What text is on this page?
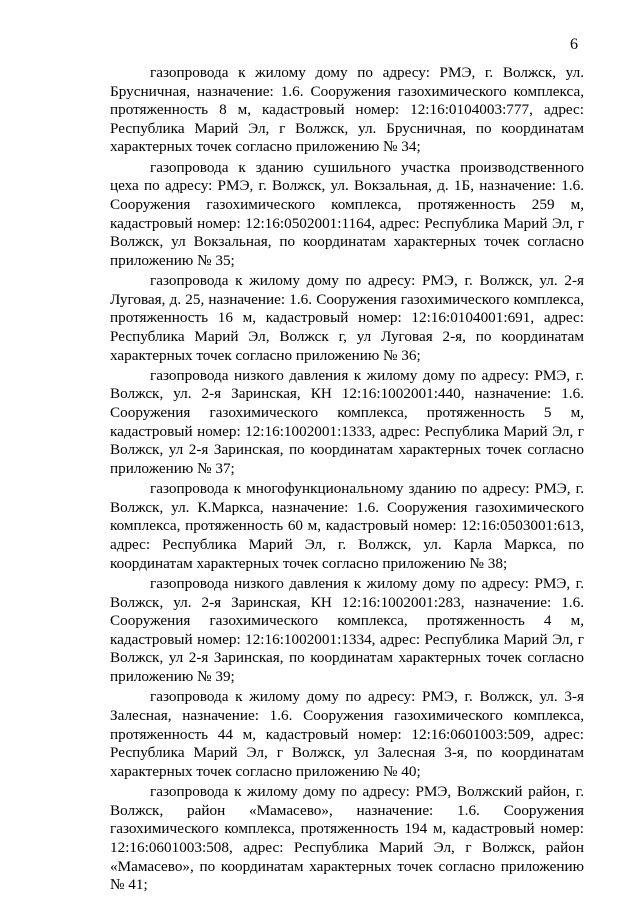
6

газопровода к жилому дому по адресу: РМЭ, г. Волжск, ул. Брусничная, назначение: 1.6. Сооружения газохимического комплекса, протяженность 8 м, кадастровый номер: 12:16:0104003:777, адрес: Республика Марий Эл, г Волжск, ул. Брусничная, по координатам характерных точек согласно приложению № 34;

газопровода к зданию сушильного участка производственного цеха по адресу: РМЭ, г. Волжск, ул. Вокзальная, д. 1Б, назначение: 1.6. Сооружения газохимического комплекса, протяженность 259 м, кадастровый номер: 12:16:0502001:1164, адрес: Республика Марий Эл, г Волжск, ул Вокзальная, по координатам характерных точек согласно приложению № 35;

газопровода к жилому дому по адресу: РМЭ, г. Волжск, ул. 2-я Луговая, д. 25, назначение: 1.6. Сооружения газохимического комплекса, протяженность 16 м, кадастровый номер: 12:16:0104001:691, адрес: Республика Марий Эл, Волжск г, ул Луговая 2-я, по координатам характерных точек согласно приложению № 36;

газопровода низкого давления к жилому дому по адресу: РМЭ, г. Волжск, ул. 2-я Заринская, КН 12:16:1002001:440, назначение: 1.6. Сооружения газохимического комплекса, протяженность 5 м, кадастровый номер: 12:16:1002001:1333, адрес: Республика Марий Эл, г Волжск, ул 2-я Заринская, по координатам характерных точек согласно приложению № 37;

газопровода к многофункциональному зданию по адресу: РМЭ, г. Волжск, ул. К.Маркса, назначение: 1.6. Сооружения газохимического комплекса, протяженность 60 м, кадастровый номер: 12:16:0503001:613, адрес: Республика Марий Эл, г. Волжск, ул. Карла Маркса, по координатам характерных точек согласно приложению № 38;

газопровода низкого давления к жилому дому по адресу: РМЭ, г. Волжск, ул. 2-я Заринская, КН 12:16:1002001:283, назначение: 1.6. Сооружения газохимического комплекса, протяженность 4 м, кадастровый номер: 12:16:1002001:1334, адрес: Республика Марий Эл, г Волжск, ул 2-я Заринская, по координатам характерных точек согласно приложению № 39;

газопровода к жилому дому по адресу: РМЭ, г. Волжск, ул. 3-я Залесная, назначение: 1.6. Сооружения газохимического комплекса, протяженность 44 м, кадастровый номер: 12:16:0601003:509, адрес: Республика Марий Эл, г Волжск, ул Залесная 3-я, по координатам характерных точек согласно приложению № 40;

газопровода к жилому дому по адресу: РМЭ, Волжский район, г. Волжск, район «Мамасево», назначение: 1.6. Сооружения газохимического комплекса, протяженность 194 м, кадастровый номер: 12:16:0601003:508, адрес: Республика Марий Эл, г Волжск, район «Мамасево», по координатам характерных точек согласно приложению № 41;
